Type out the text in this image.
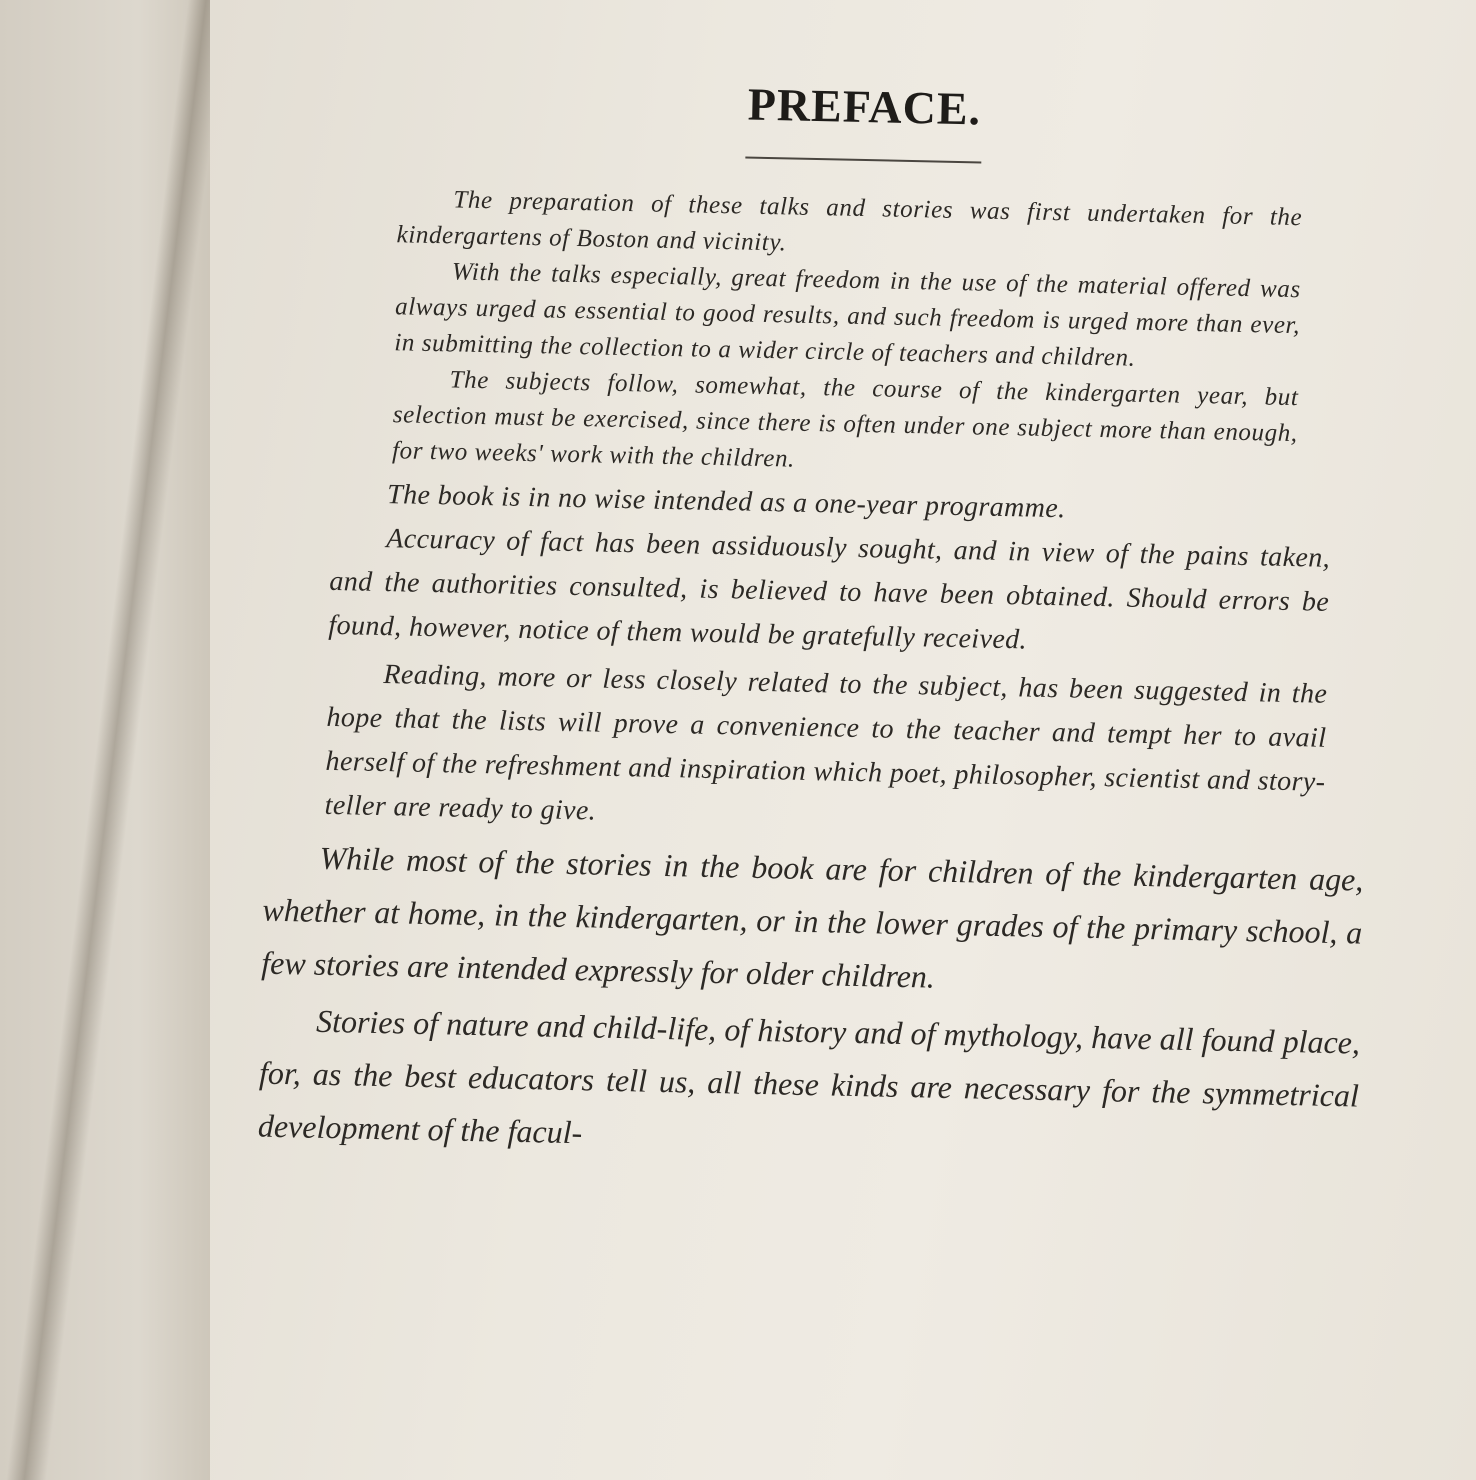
PREFACE.

The preparation of these talks and stories was first undertaken for the kindergartens of Boston and vicinity.

With the talks especially, great freedom in the use of the material offered was always urged as essential to good results, and such freedom is urged more than ever, in submitting the collection to a wider circle of teachers and children.

The subjects follow, somewhat, the course of the kindergarten year, but selection must be exercised, since there is often under one subject more than enough, for two weeks' work with the children.

The book is in no wise intended as a one-year programme.

Accuracy of fact has been assiduously sought, and in view of the pains taken, and the authorities consulted, is believed to have been obtained. Should errors be found, however, notice of them would be gratefully received.

Reading, more or less closely related to the subject, has been suggested in the hope that the lists will prove a convenience to the teacher and tempt her to avail herself of the refreshment and inspiration which poet, philosopher, scientist and story-teller are ready to give.

While most of the stories in the book are for children of the kindergarten age, whether at home, in the kindergarten, or in the lower grades of the primary school, a few stories are intended expressly for older children.

Stories of nature and child-life, of history and of mythology, have all found place, for, as the best educators tell us, all these kinds are necessary for the symmetrical development of the facul-
